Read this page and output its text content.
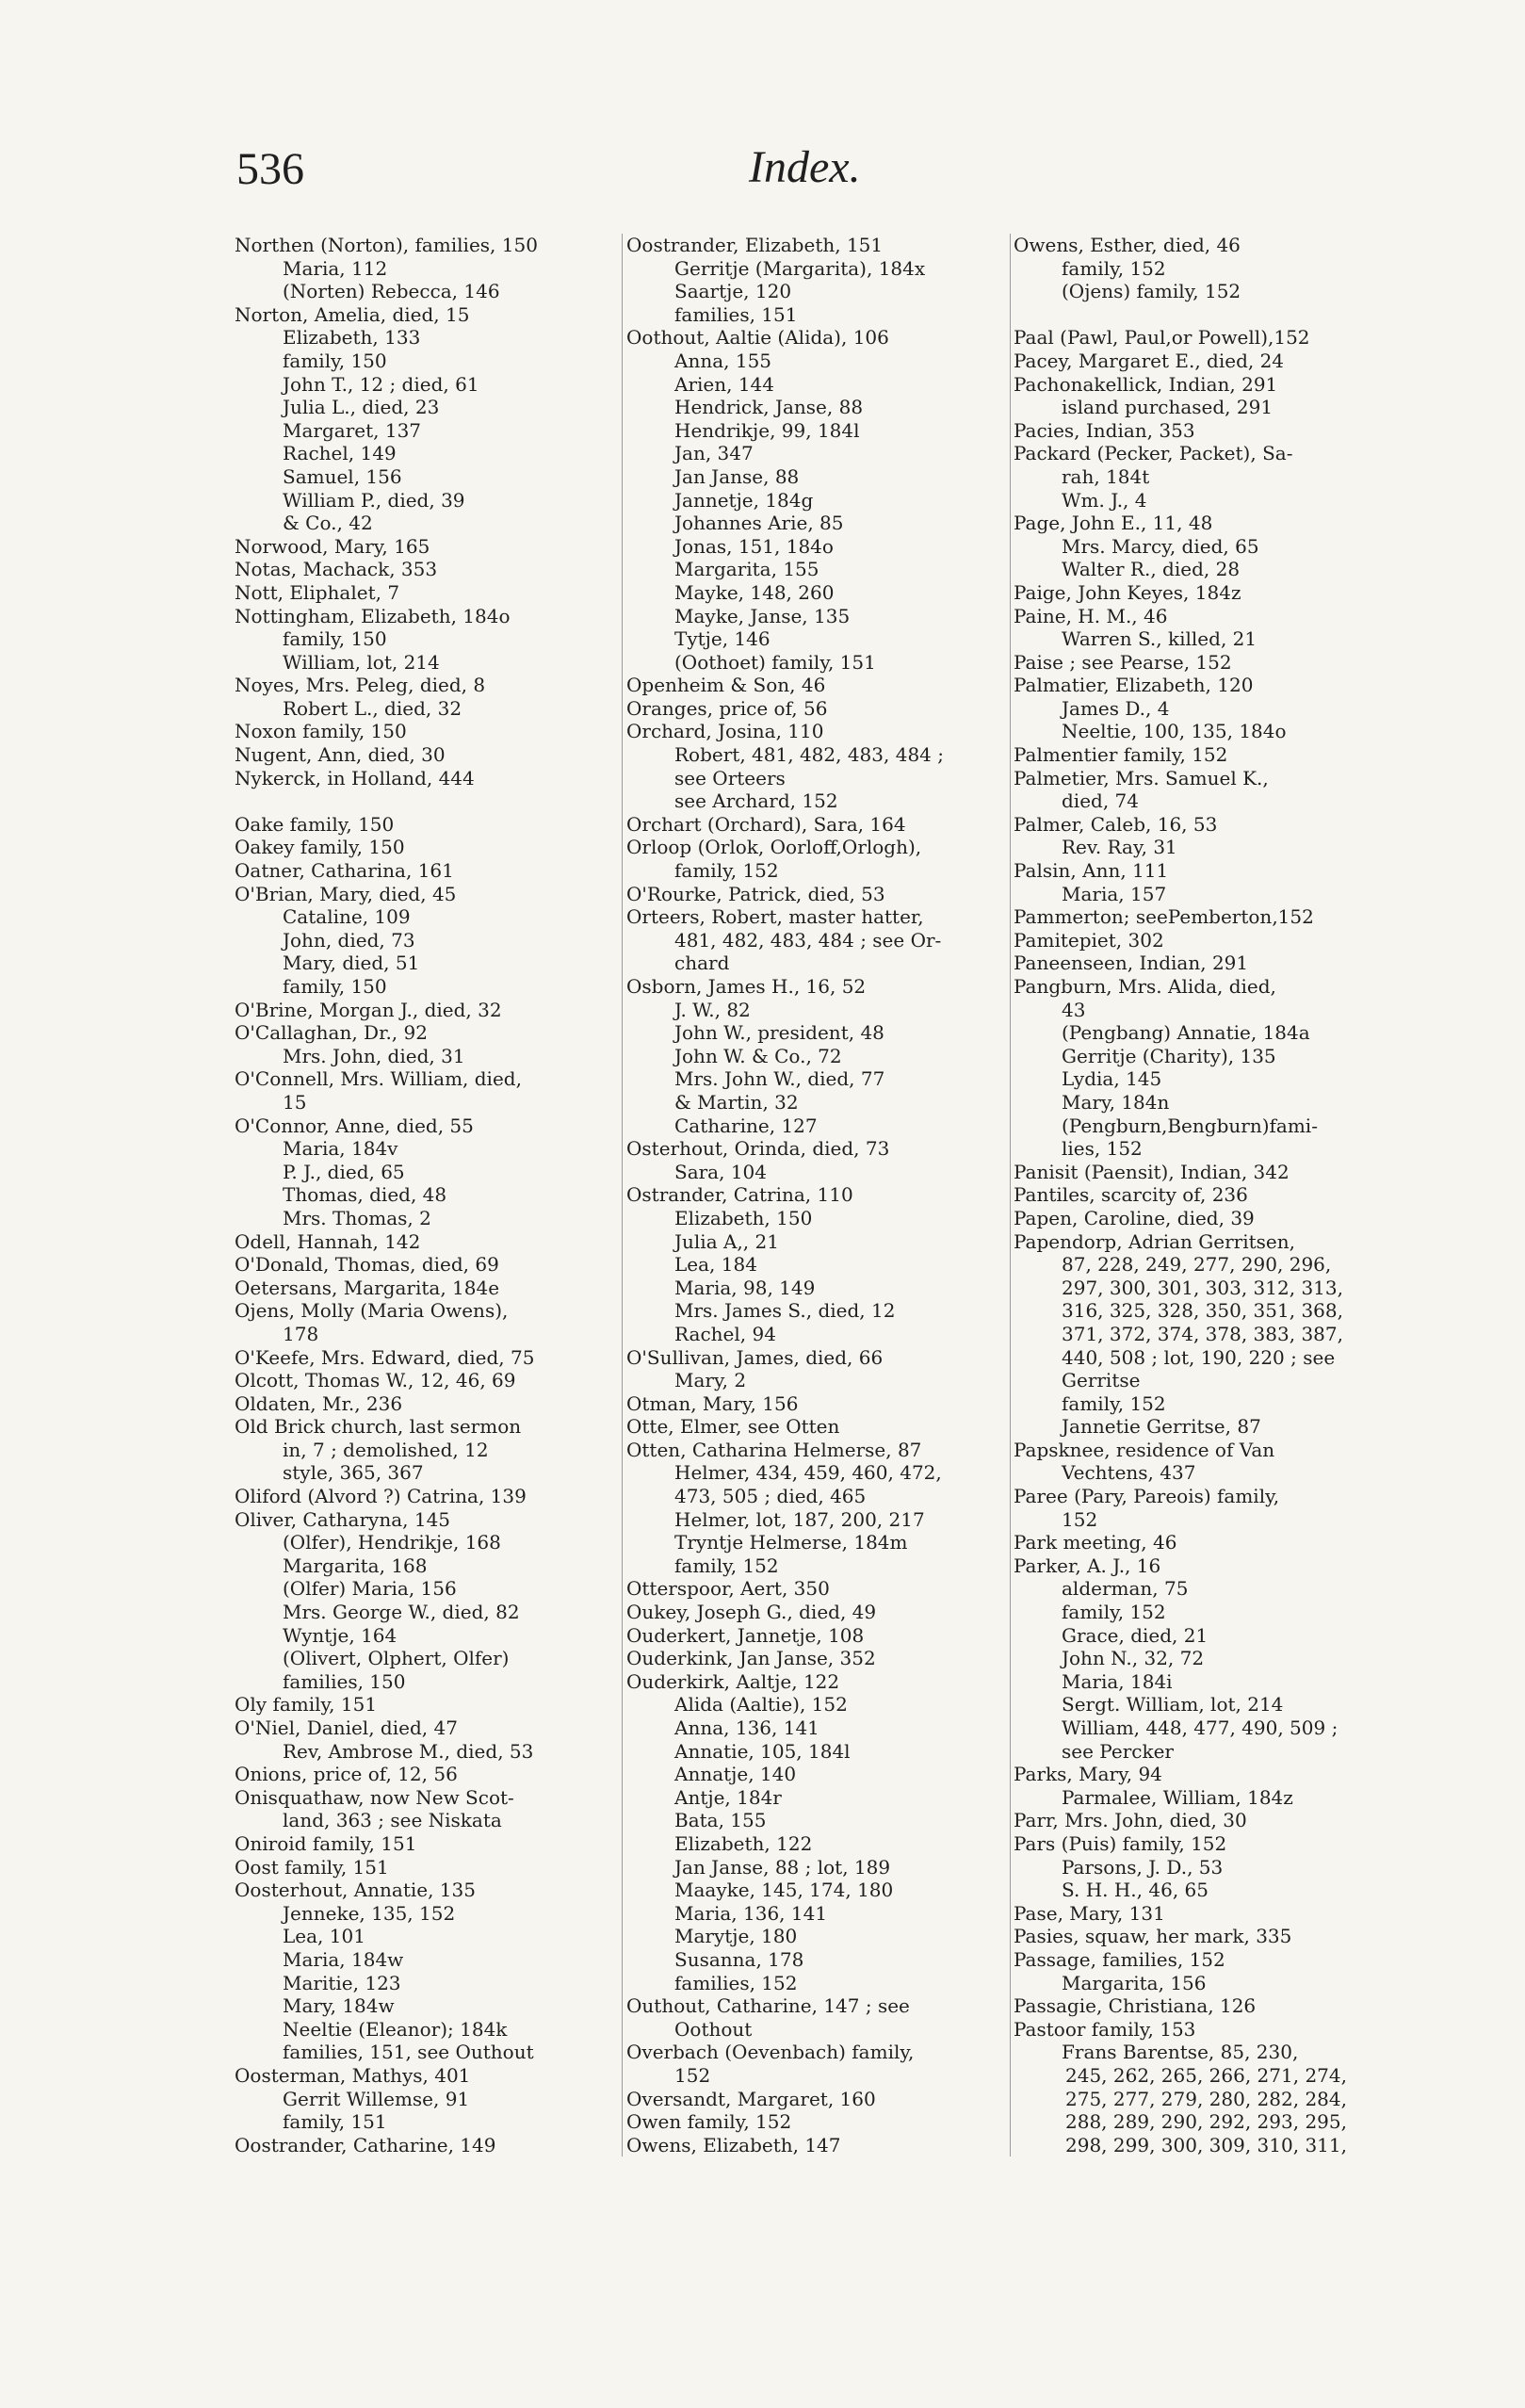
536	Index.
Northen (Norton), families, 150
Maria, 112
(Norten) Rebecca, 146
Norton, Amelia, died, 15
Elizabeth, 133
family, 150
John T., 12 ; died, 61
Julia L., died, 23
Margaret, 137
Rachel, 149
Samuel, 156
William P., died, 39
& Co., 42
Norwood, Mary, 165
Notas, Machack, 353
Nott, Eliphalet, 7
Nottingham, Elizabeth, 184o
family, 150
William, lot, 214
Noyes, Mrs. Peleg, died, 8
Robert L., died, 32
Noxon family, 150
Nugent, Ann, died, 30
Nykerck, in Holland, 444
Oake family, 150
Oakey family, 150
Oatner, Catharina, 161
O'Brian, Mary, died, 45
Cataline, 109
John, died, 73
Mary, died, 51
family, 150
O'Brine, Morgan J., died, 32
O'Callaghan, Dr., 92
Mrs. John, died, 31
O'Connell, Mrs. William, died,
15
O'Connor, Anne, died, 55
Maria, 184v
P. J., died, 65
Thomas, died, 48
Mrs. Thomas, 2
Odell, Hannah, 142
O'Donald, Thomas, died, 69
Oetersans, Margarita, 184e
Ojens, Molly (Maria Owens),
178
O'Keefe, Mrs. Edward, died, 75
Olcott, Thomas W., 12, 46, 69
Oldaten, Mr., 236
Old Brick church, last sermon
in, 7 ; demolished, 12
style, 365, 367
Oliford (Alvord ?) Catrina, 139
Oliver, Catharyna, 145
(Olfer), Hendrikje, 168
Margarita, 168
(Olfer) Maria, 156
Mrs. George W., died, 82
Wyntje, 164
(Olivert, Olphert, Olfer)
families, 150
Oly family, 151
O'Niel, Daniel, died, 47
Rev, Ambrose M., died, 53
Onions, price of, 12, 56
Onisquathaw, now New Scot-
land, 363 ; see Niskata
Oniroid family, 151
Oost family, 151
Oosterhout, Annatie, 135
Jenneke, 135, 152
Lea, 101
Maria, 184w
Maritie, 123
Mary, 184w
Neeltie (Eleanor); 184k
families, 151, see Outhout
Oosterman, Mathys, 401
Gerrit Willemse, 91
family, 151
Oostrander, Catharine, 149
Oostrander, Elizabeth, 151
Gerritje (Margarita), 184x
Saartje, 120
families, 151
Oothout, Aaltie (Alida), 106
Anna, 155
Arien, 144
Hendrick, Janse, 88
Hendrikje, 99, 184l
Jan, 347
Jan Janse, 88
Jannetje, 184g
Johannes Arie, 85
Jonas, 151, 184o
Margarita, 155
Mayke, 148, 260
Mayke, Janse, 135
Tytje, 146
(Oothoet) family, 151
Openheim & Son, 46
Oranges, price of, 56
Orchard, Josina, 110
Robert, 481, 482, 483, 484 ;
see Orteers
see Archard, 152
Orchart (Orchard), Sara, 164
Orloop (Orlok, Oorloff,Orlogh),
family, 152
O'Rourke, Patrick, died, 53
Orteers, Robert, master hatter,
481, 482, 483, 484 ; see Or-
chard
Osborn, James H., 16, 52
J. W., 82
John W., president, 48
John W. & Co., 72
Mrs. John W., died, 77
& Martin, 32
Catharine, 127
Osterhout, Orinda, died, 73
Sara, 104
Ostrander, Catrina, 110
Elizabeth, 150
Julia A,, 21
Lea, 184
Maria, 98, 149
Mrs. James S., died, 12
Rachel, 94
O'Sullivan, James, died, 66
Mary, 2
Otman, Mary, 156
Otte, Elmer, see Otten
Otten, Catharina Helmerse, 87
Helmer, 434, 459, 460, 472,
473, 505 ; died, 465
Helmer, lot, 187, 200, 217
Tryntje Helmerse, 184m
family, 152
Otterspoor, Aert, 350
Oukey, Joseph G., died, 49
Ouderkert, Jannetje, 108
Ouderkink, Jan Janse, 352
Ouderkirk, Aaltje, 122
Alida (Aaltie), 152
Anna, 136, 141
Annatie, 105, 184l
Annatje, 140
Antje, 184r
Bata, 155
Elizabeth, 122
Jan Janse, 88 ; lot, 189
Maayke, 145, 174, 180
Maria, 136, 141
Marytje, 180
Susanna, 178
families, 152
Outhout, Catharine, 147 ; see
Oothout
Overbach (Oevenbach) family,
152
Oversandt, Margaret, 160
Owen family, 152
Owens, Elizabeth, 147
Owens, Esther, died, 46
family, 152
(Ojens) family, 152
Paal (Pawl, Paul,or Powell),152
Pacey, Margaret E., died, 24
Pachonakellick, Indian, 291
island purchased, 291
Pacies, Indian, 353
Packard (Pecker, Packet), Sa-
rah, 184t
Wm. J., 4
Page, John E., 11, 48
Mrs. Marcy, died, 65
Walter R., died, 28
Paige, John Keyes, 184z
Paine, H. M., 46
Warren S., killed, 21
Paise ; see Pearse, 152
Palmatier, Elizabeth, 120
James D., 4
Neeltie, 100, 135, 184o
Palmentier family, 152
Palmetier, Mrs. Samuel K.,
died, 74
Palmer, Caleb, 16, 53
Rev. Ray, 31
Palsin, Ann, 111
Maria, 157
Pammerton; seePemberton,152
Pamitepiet, 302
Paneenseen, Indian, 291
Pangburn, Mrs. Alida, died,
43
(Pengbang) Annatie, 184a
Gerritje (Charity), 135
Lydia, 145
Mary, 184n
(Pengburn,Bengburn)fami-
lies, 152
Panisit (Paensit), Indian, 342
Pantiles, scarcity of, 236
Papen, Caroline, died, 39
Papendorp, Adrian Gerritsen,
87, 228, 249, 277, 290, 296,
297, 300, 301, 303, 312, 313,
316, 325, 328, 350, 351, 368,
371, 372, 374, 378, 383, 387,
440, 508 ; lot, 190, 220 ; see
Gerritse
family, 152
Jannetie Gerritse, 87
Papsknee, residence of Van
Vechtens, 437
Paree (Pary, Pareois) family,
152
Park meeting, 46
Parker, A. J., 16
alderman, 75
family, 152
Grace, died, 21
John N., 32, 72
Maria, 184i
Sergt. William, lot, 214
William, 448, 477, 490, 509 ;
see Percker
Parks, Mary, 94
Parmalee, William, 184z
Parr, Mrs. John, died, 30
Pars (Puis) family, 152
Parsons, J. D., 53
S. H. H., 46, 65
Pase, Mary, 131
Pasies, squaw, her mark, 335
Passage, families, 152
Margarita, 156
Passagie, Christiana, 126
Pastoor family, 153
Frans Barentse, 85, 230,
245, 262, 265, 266, 271, 274,
275, 277, 279, 280, 282, 284,
288, 289, 290, 292, 293, 295,
298, 299, 300, 309, 310, 311,
